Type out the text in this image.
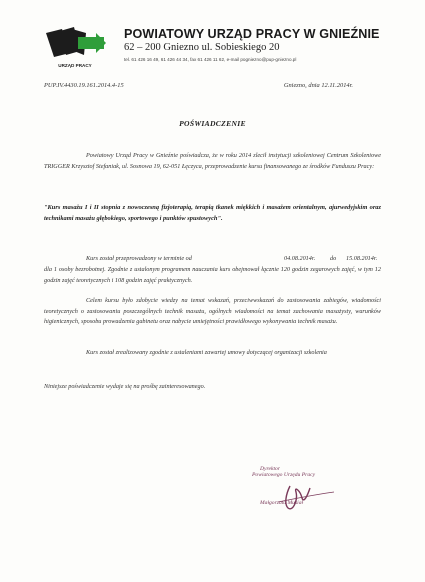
URZĄD PRACY
POWIATOWY URZĄD PRACY W GNIEŹNIE
62 – 200 Gniezno ul. Sobieskiego 20
tel. 61 426 16 49, 61 426 44 34, fax 61 426 11 62, e-mail pogniezno@pup-gniezno.pl
PUP.IV.4430.19.161.2014.4-15	Gniezno, dnia 12.11.2014r.
POŚWIADCZENIE
Powiatowy Urząd Pracy w Gnieźnie poświadcza, że w roku 2014 zlecił instytucji szkoleniowej Centrum Szkoleniowe TRIGGER Krzysztof Stefaniak, ul. Sosnowa 19, 62-051 Łęczyca, przeprowadzenie kursu finansowanego ze środków Funduszu Pracy:
"Kurs masażu I i II stopnia z nowoczesną fizjoterapią, terapią tkanek miękkich i masażem orientalnym, ajurwedyjskim oraz technikami masażu głębokiego, sportowego i punktów spustowych".
Kurs został przeprowadzony w terminie od	04.08.2014r. do 15.08.2014r.
dla 1 osoby bezrobotnej. Zgodnie z ustalonym programem nauczania kurs obejmował łącznie 120 godzin zegarowych zajęć, w tym 12 godzin zajęć teoretycznych i 108 godzin zajęć praktycznych.
Celem kursu było zdobycie wiedzy na temat wskazań, przeciwwskazań do zastosowania zabiegów, wiadomości teoretycznych o zastosowaniu poszczególnych technik masażu, ogólnych wiadomości na temat zachowania masażysty, warunków higienicznych, sposobu prowadzenia gabinetu oraz nabycie umiejętności prawidłowego wykonywania technik masażu.
Kurs został zrealizowany zgodnie z ustaleniami zawartej umowy dotyczącej organizacji szkolenia
Niniejsze poświadczenie wydaje się na prośbę zainteresowanego.
Dyrektor
Powiatowego Urzędu Pracy
Małgorzata Musiał
